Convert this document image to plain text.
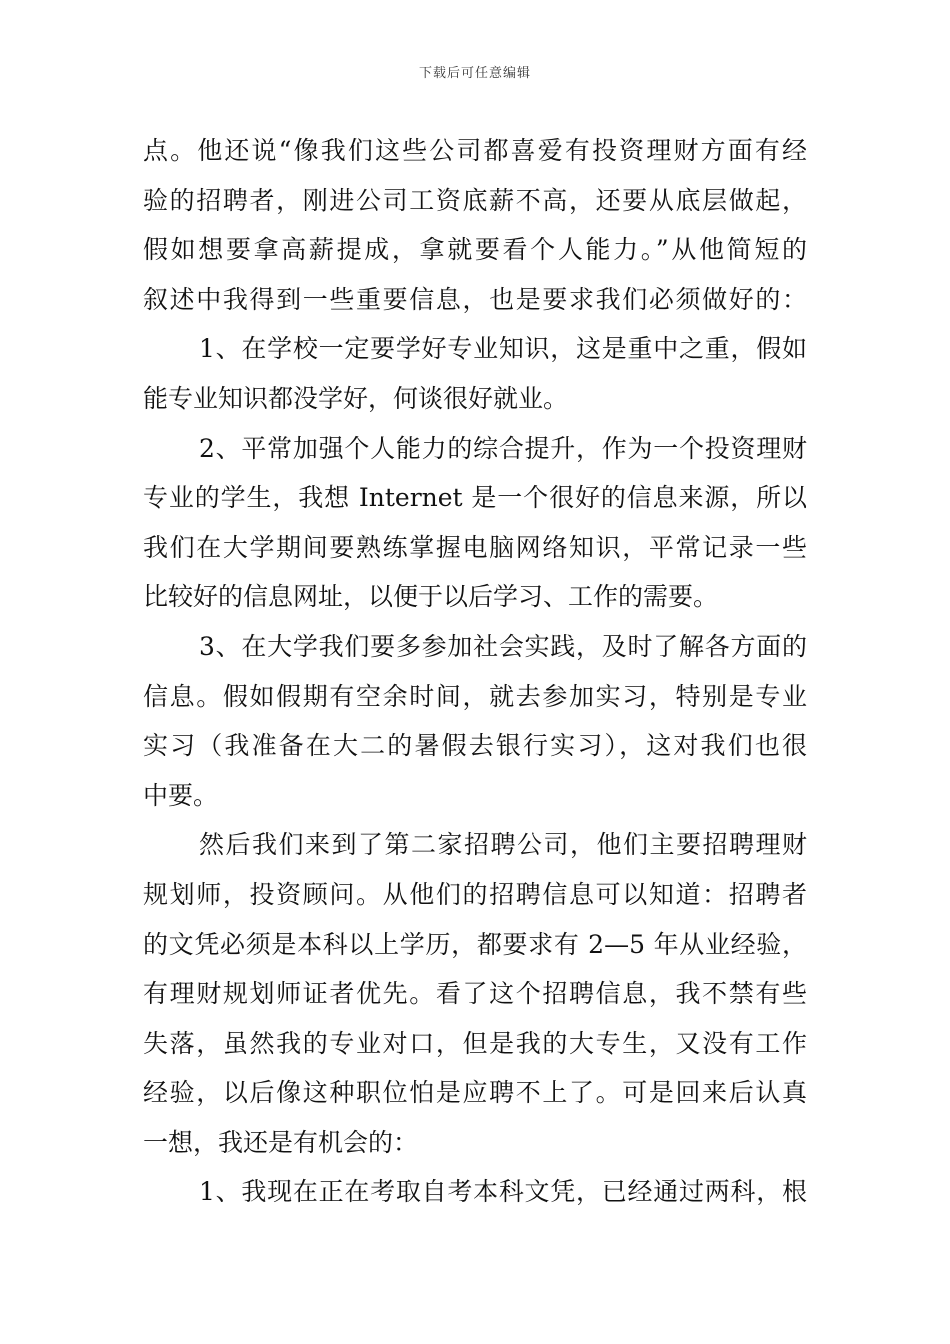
下载后可任意编辑
点。他还说“像我们这些公司都喜爱有投资理财方面有经
验的招聘者，刚进公司工资底薪不高，还要从底层做起，
假如想要拿高薪提成，拿就要看个人能力。”从他简短的
叙述中我得到一些重要信息，也是要求我们必须做好的：
1、在学校一定要学好专业知识，这是重中之重，假如
能专业知识都没学好，何谈很好就业。
2、平常加强个人能力的综合提升，作为一个投资理财
专业的学生，我想 Internet 是一个很好的信息来源，所以
我们在大学期间要熟练掌握电脑网络知识，平常记录一些
比较好的信息网址，以便于以后学习、工作的需要。
3、在大学我们要多参加社会实践，及时了解各方面的
信息。假如假期有空余时间，就去参加实习，特别是专业
实习（我准备在大二的暑假去银行实习），这对我们也很
中要。
然后我们来到了第二家招聘公司，他们主要招聘理财
规划师，投资顾问。从他们的招聘信息可以知道：招聘者
的文凭必须是本科以上学历，都要求有 2—5 年从业经验，
有理财规划师证者优先。看了这个招聘信息，我不禁有些
失落，虽然我的专业对口，但是我的大专生，又没有工作
经验，以后像这种职位怕是应聘不上了。可是回来后认真
一想，我还是有机会的：
1、我现在正在考取自考本科文凭，已经通过两科，根
